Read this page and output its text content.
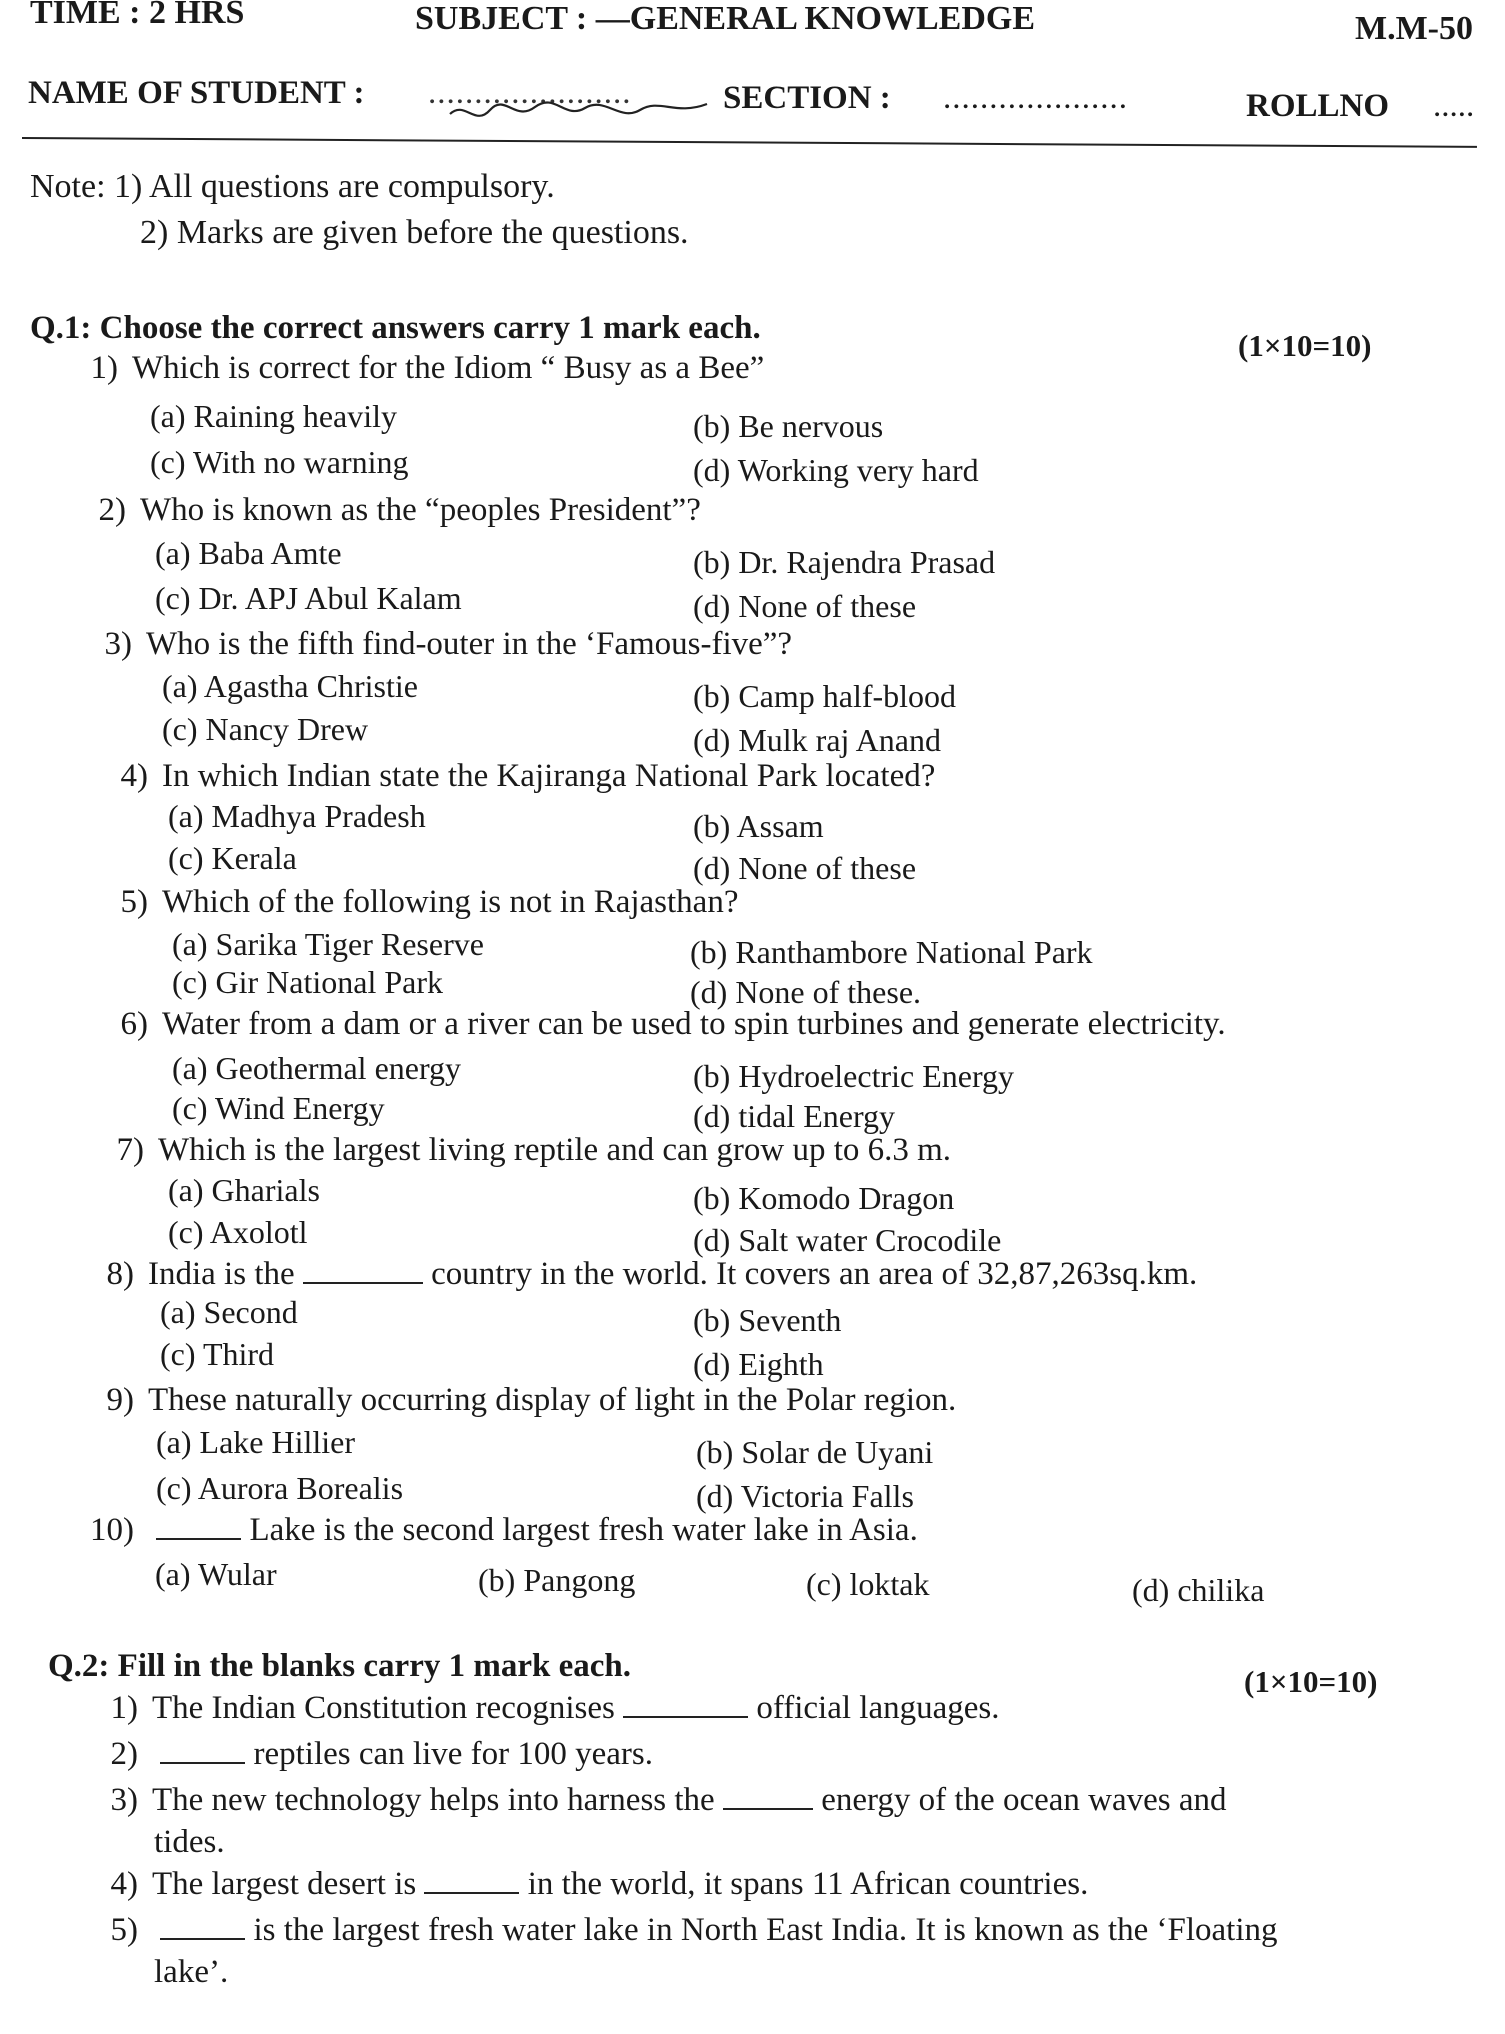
TIME : 2 HRS	SUBJECT : —GENERAL KNOWLEDGE	M.M-50
NAME OF STUDENT : ......................	SECTION : ....................	ROLLNO .....
Note: 1) All questions are compulsory.
2) Marks are given before the questions.
Q.1: Choose the correct answers carry 1 mark each.	(1×10=10)
1) Which is correct for the Idiom “ Busy as a Bee”
(a) Raining heavily	(b) Be nervous
(c) With no warning	(d) Working very hard
2) Who is known as the “peoples President”?
(a) Baba Amte	(b) Dr. Rajendra Prasad
(c) Dr. APJ Abul Kalam	(d) None of these
3) Who is the fifth find-outer in the ‘Famous-five”?
(a) Agastha Christie	(b) Camp half-blood
(c) Nancy Drew	(d) Mulk raj Anand
4) In which Indian state the Kajiranga National Park located?
(a) Madhya Pradesh	(b) Assam
(c) Kerala	(d) None of these
5) Which of the following is not in Rajasthan?
(a) Sarika Tiger Reserve	(b) Ranthambore National Park
(c) Gir National Park	(d) None of these.
6) Water from a dam or a river can be used to spin turbines and generate electricity.
(a) Geothermal energy	(b) Hydroelectric Energy
(c) Wind Energy	(d) tidal Energy
7) Which is the largest living reptile and can grow up to 6.3 m.
(a) Gharials	(b) Komodo Dragon
(c) Axolotl	(d) Salt water Crocodile
8) India is the	country in the world. It covers an area of 32,87,263sq.km.
(a) Second	(b) Seventh
(c) Third	(d) Eighth
9) These naturally occurring display of light in the Polar region.
(a) Lake Hillier	(b) Solar de Uyani
(c) Aurora Borealis	(d) Victoria Falls
10)	Lake is the second largest fresh water lake in Asia.
(a) Wular	(b) Pangong	(c) loktak	(d) chilika
Q.2: Fill in the blanks carry 1 mark each.	(1×10=10)
1) The Indian Constitution recognises	official languages.
2)	reptiles can live for 100 years.
3) The new technology helps into harness the	energy of the ocean waves and
tides.
4) The largest desert is	in the world, it spans 11 African countries.
5)	is the largest fresh water lake in North East India. It is known as the ‘Floating
lake’.
